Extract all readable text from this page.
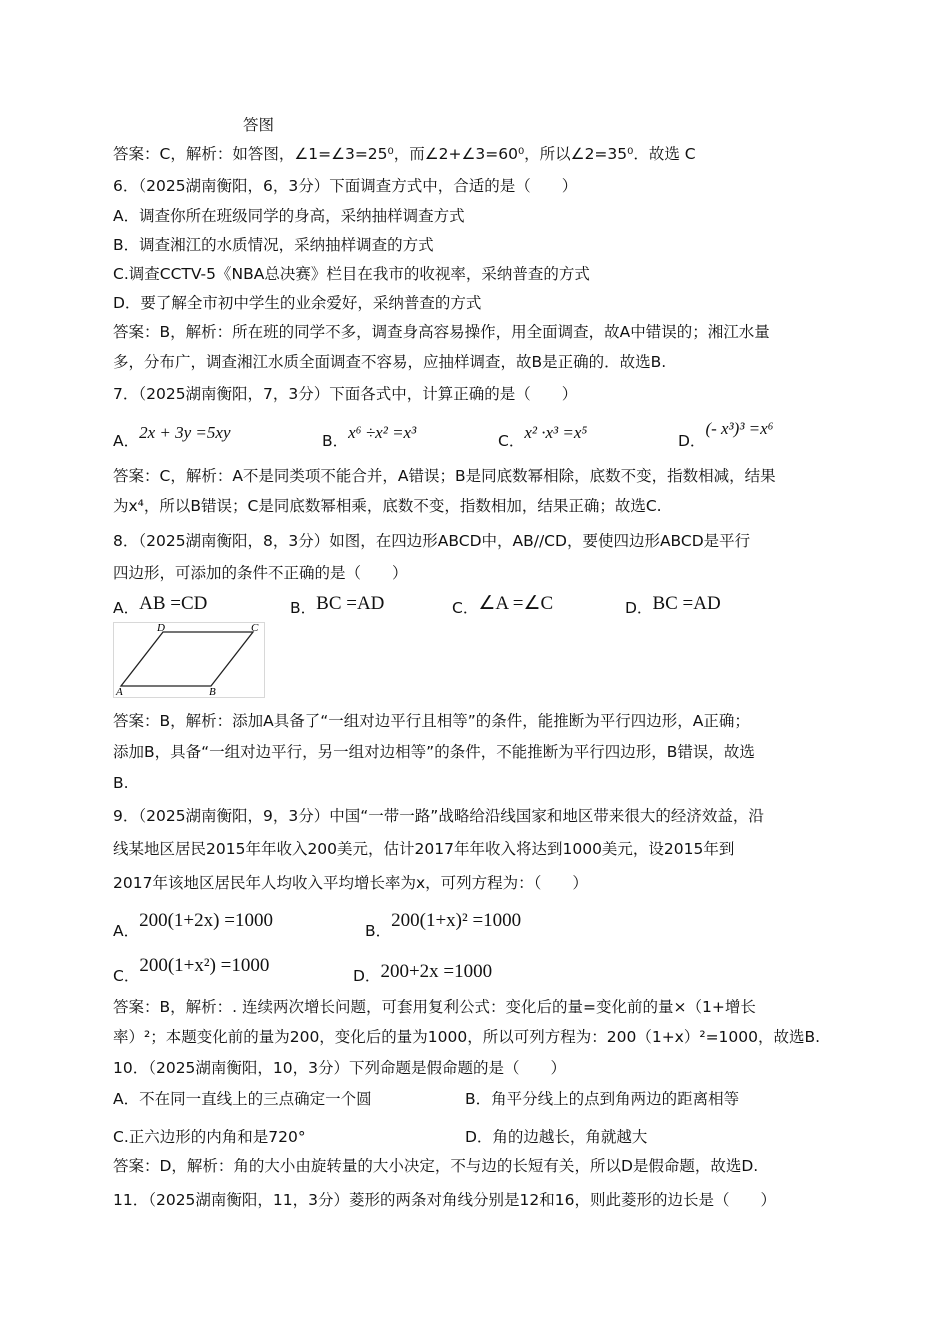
答图
答案：C，解析：如答图，∠1=∠3=25⁰，而∠2+∠3=60⁰，所以∠2=35⁰．故选 C
6．（2025湖南衡阳，6，3分）下面调查方式中，合适的是（　　）
A．调查你所在班级同学的身高，采纳抽样调查方式
B．调查湘江的水质情况，采纳抽样调查的方式
C.调查CCTV-5《NBA总决赛》栏目在我市的收视率，采纳普查的方式
D．要了解全市初中学生的业余爱好，采纳普查的方式
答案：B，解析：所在班的同学不多，调查身高容易操作，用全面调查，故A中错误的；湘江水量
多，分布广，调查湘江水质全面调查不容易，应抽样调查，故B是正确的．故选B.
7．（2025湖南衡阳，7，3分）下面各式中，计算正确的是（　　）
A．2x + 3y =5xy	B．x⁶ ÷x² =x³	C．x² ·x³ =x⁵	D．(- x³)³ =x⁶
答案：C，解析：A不是同类项不能合并，A错误；B是同底数幂相除，底数不变，指数相减，结果
为x⁴，所以B错误；C是同底数幂相乘，底数不变，指数相加，结果正确；故选C.
8．（2025湖南衡阳，8，3分）如图，在四边形ABCD中，AB//CD，要使四边形ABCD是平行
四边形，可添加的条件不正确的是（　　）
A．AB =CD	B．BC =AD	C．∠A =∠C	D．BC =AD
D	C
A	B
答案：B，解析：添加A具备了“一组对边平行且相等”的条件，能推断为平行四边形，A正确；
添加B，具备“一组对边平行，另一组对边相等”的条件，不能推断为平行四边形，B错误，故选
B.
9．（2025湖南衡阳，9，3分）中国“一带一路”战略给沿线国家和地区带来很大的经济效益，沿
线某地区居民2015年年收入200美元，估计2017年年收入将达到1000美元，设2015年到
2017年该地区居民年人均收入平均增长率为x，可列方程为：（　　）
A．200(1+2x) =1000	B．200(1+x)² =1000
C．200(1+x²) =1000	D．200+2x =1000
答案：B，解析：. 连续两次增长问题，可套用复利公式：变化后的量=变化前的量×（1+增长
率）²；本题变化前的量为200，变化后的量为1000，所以可列方程为：200（1+x）²=1000，故选B.
10．（2025湖南衡阳，10，3分）下列命题是假命题的是（　　）
A．不在同一直线上的三点确定一个圆	B．角平分线上的点到角两边的距离相等
C.正六边形的内角和是720°	D．角的边越长，角就越大
答案：D，解析：角的大小由旋转量的大小决定，不与边的长短有关，所以D是假命题，故选D.
11．（2025湖南衡阳，11，3分）菱形的两条对角线分别是12和16，则此菱形的边长是（　　）
